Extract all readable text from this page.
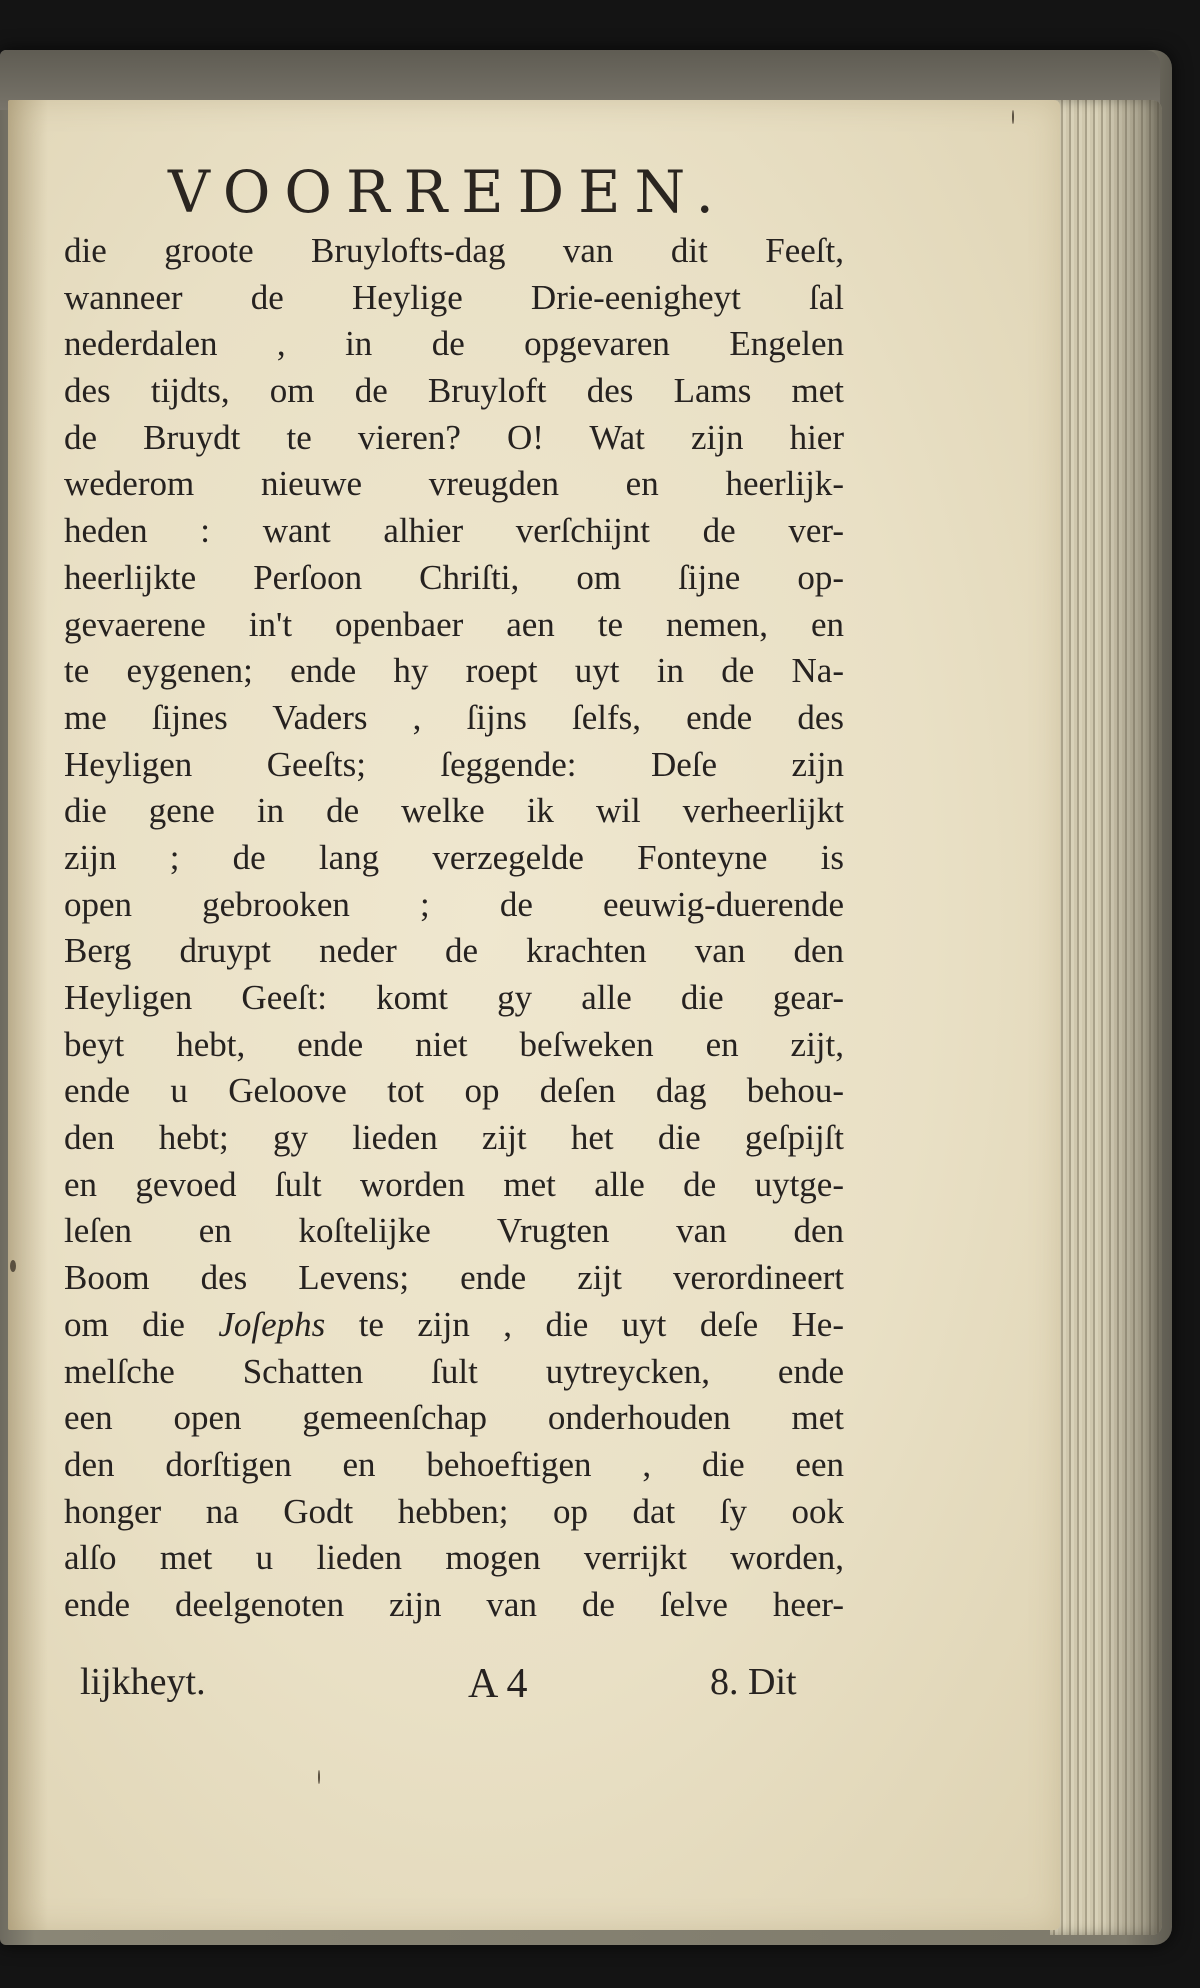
VOORREDEN.
die groote Bruylofts-dag van dit Feeſt,
wanneer de Heylige Drie-eenigheyt ſal
nederdalen , in de opgevaren Engelen
des tijdts, om de Bruyloft des Lams met
de Bruydt te vieren? O! Wat zijn hier
wederom nieuwe vreugden en heerlijk-
heden : want alhier verſchijnt de ver-
heerlijkte Perſoon Chriſti, om ſijne op-
gevaerene in't openbaer aen te nemen, en
te eygenen; ende hy roept uyt in de Na-
me ſijnes Vaders , ſijns ſelfs, ende des
Heyligen Geeſts; ſeggende: Deſe zijn
die gene in de welke ik wil verheerlijkt
zijn ; de lang verzegelde Fonteyne is
open gebrooken ; de eeuwig-duerende
Berg druypt neder de krachten van den
Heyligen Geeſt: komt gy alle die gear-
beyt hebt, ende niet beſweken en zijt,
ende u Geloove tot op deſen dag behou-
den hebt; gy lieden zijt het die geſpijſt
en gevoed ſult worden met alle de uytge-
leſen en koſtelijke Vrugten van den
Boom des Levens; ende zijt verordineert
om die Joſephs te zijn , die uyt deſe He-
melſche Schatten ſult uytreycken, ende
een open gemeenſchap onderhouden met
den dorſtigen en behoeftigen , die een
honger na Godt hebben; op dat ſy ook
alſo met u lieden mogen verrijkt worden,
ende deelgenoten zijn van de ſelve heer-
lijkheyt.	A 4	8. Dit
